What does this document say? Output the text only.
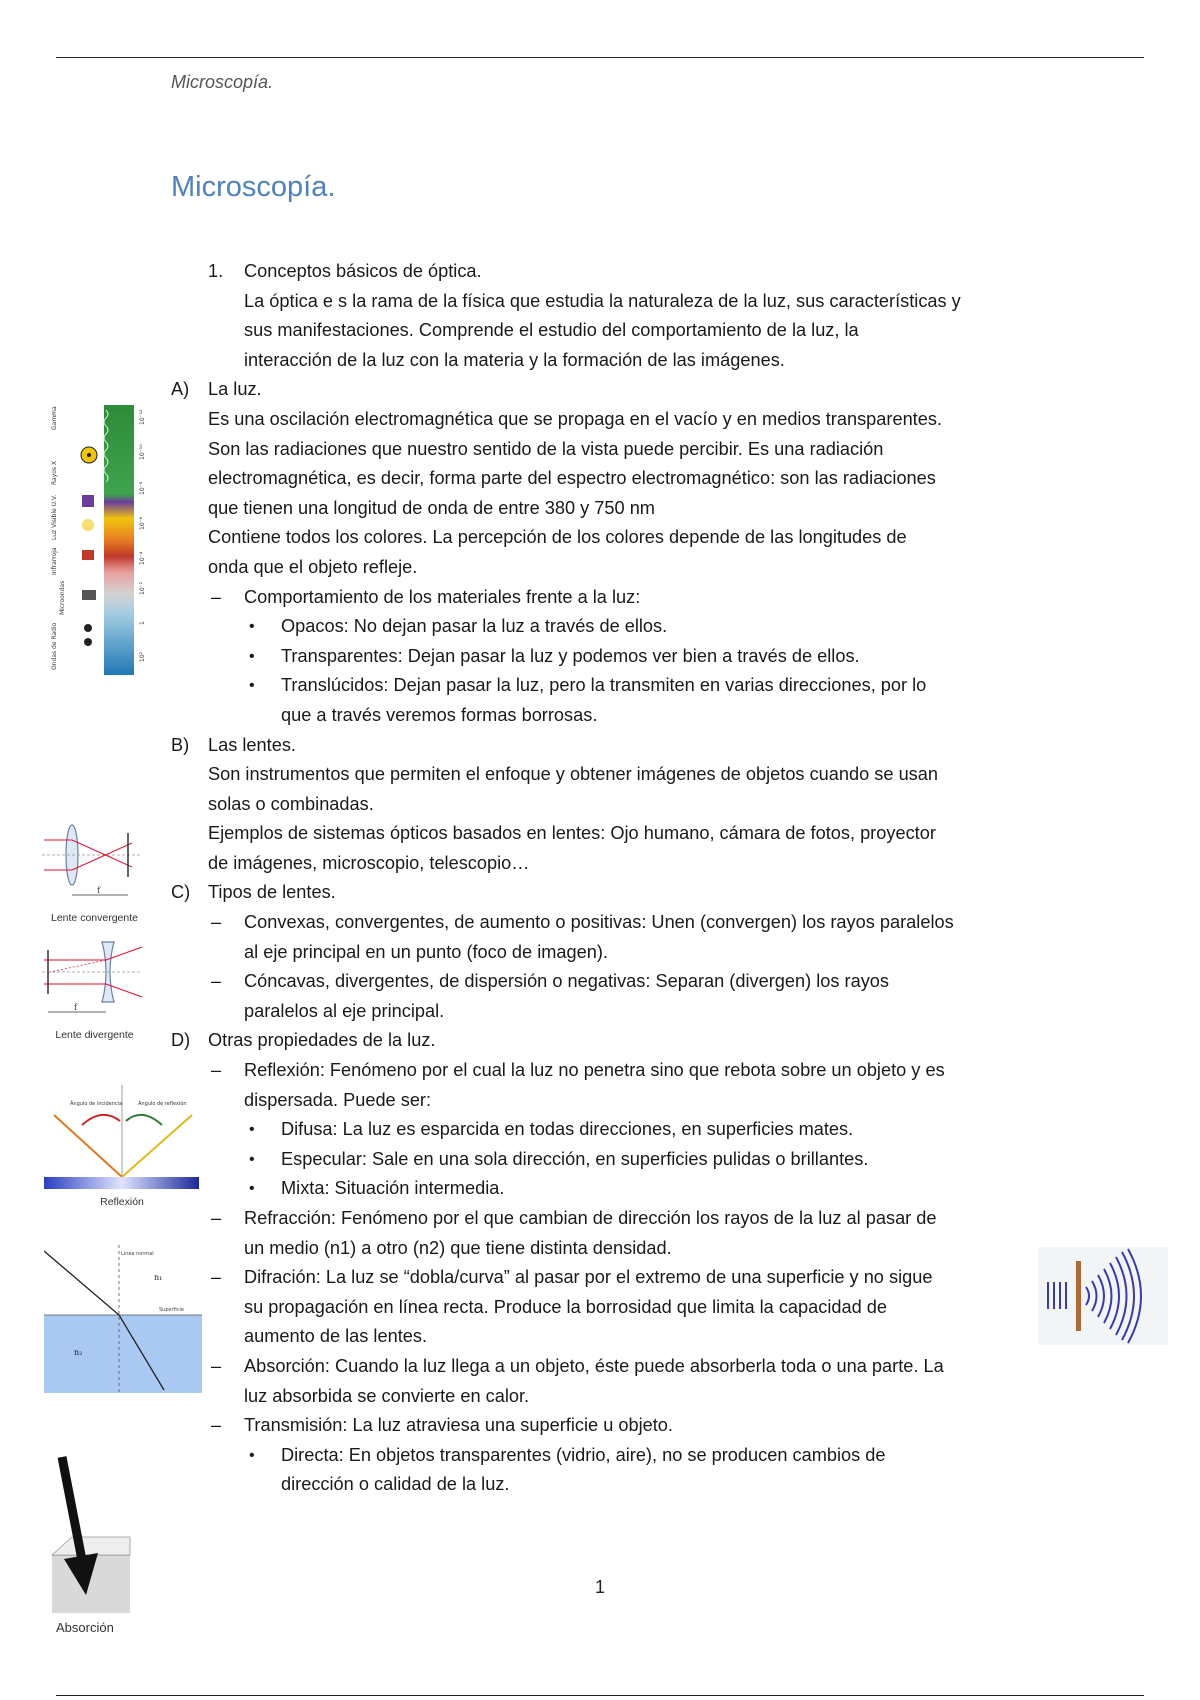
Microscopía.
Microscopía.
Gamma
Rayos X
Luz Visible U.V.
Infrarroja
Microondas
Ondas de Radio
10⁻¹²
10⁻¹⁰
10⁻⁸
10⁻⁶
10⁻⁴
10⁻²
1
10²
f
Lente convergente
f
Lente divergente
Ángulo de incidencia	Ángulo de reflexión
Reflexión
n₁
n₂
Línea normal
Superficie
Absorción
1. Conceptos básicos de óptica.
La óptica e s la rama de la física que estudia la naturaleza de la luz, sus características y
sus manifestaciones. Comprende el estudio del comportamiento de la luz, la
interacción de la luz con la materia y la formación de las imágenes.
A) La luz.
Es una oscilación electromagnética que se propaga en el vacío y en medios transparentes.
Son las radiaciones que nuestro sentido de la vista puede percibir. Es una radiación
electromagnética, es decir, forma parte del espectro electromagnético: son las radiaciones
que tienen una longitud de onda de entre 380 y 750 nm
Contiene todos los colores. La percepción de los colores depende de las longitudes de
onda que el objeto refleje.
– Comportamiento de los materiales frente a la luz:
• Opacos: No dejan pasar la luz a través de ellos.
• Transparentes: Dejan pasar la luz y podemos ver bien a través de ellos.
• Translúcidos: Dejan pasar la luz, pero la transmiten en varias direcciones, por lo
que a través veremos formas borrosas.
B) Las lentes.
Son instrumentos que permiten el enfoque y obtener imágenes de objetos cuando se usan
solas o combinadas.
Ejemplos de sistemas ópticos basados en lentes: Ojo humano, cámara de fotos, proyector
de imágenes, microscopio, telescopio…
C) Tipos de lentes.
– Convexas, convergentes, de aumento o positivas: Unen (convergen) los rayos paralelos
al eje principal en un punto (foco de imagen).
– Cóncavas, divergentes, de dispersión o negativas: Separan (divergen) los rayos
paralelos al eje principal.
D) Otras propiedades de la luz.
– Reflexión: Fenómeno por el cual la luz no penetra sino que rebota sobre un objeto y es
dispersada. Puede ser:
• Difusa: La luz es esparcida en todas direcciones, en superficies mates.
• Especular: Sale en una sola dirección, en superficies pulidas o brillantes.
• Mixta: Situación intermedia.
– Refracción: Fenómeno por el que cambian de dirección los rayos de la luz al pasar de
un medio (n1) a otro (n2) que tiene distinta densidad.
– Difración: La luz se “dobla/curva” al pasar por el extremo de una superficie y no sigue
su propagación en línea recta. Produce la borrosidad que limita la capacidad de
aumento de las lentes.
– Absorción: Cuando la luz llega a un objeto, éste puede absorberla toda o una parte. La
luz absorbida se convierte en calor.
– Transmisión: La luz atraviesa una superficie u objeto.
• Directa: En objetos transparentes (vidrio, aire), no se producen cambios de
dirección o calidad de la luz.
1
